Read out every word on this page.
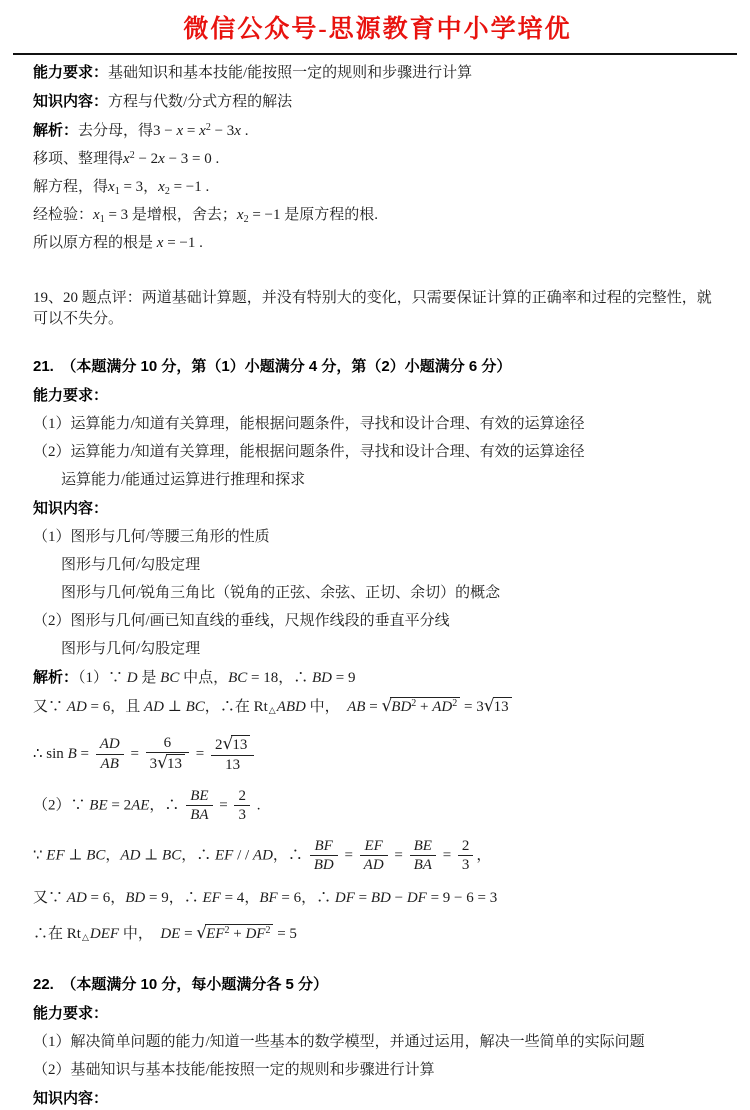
微信公众号-思源教育中小学培优
能力要求：基础知识和基本技能/能按照一定的规则和步骤进行计算
知识内容：方程与代数/分式方程的解法
解析：去分母，得$3 - x = x^2 - 3x$ .
移项、整理得$x^2 - 2x - 3 = 0$ .
解方程，得$x_1 = 3$，$x_2 = -1$ .
经检验：$x_1 = 3$ 是增根，舍去；$x_2 = -1$ 是原方程的根.
所以原方程的根是 x = −1 .
19、20 题点评：两道基础计算题，并没有特别大的变化，只需要保证计算的正确率和过程的完整性，就可以不失分。
21.　（本题满分 10 分，第（1）小题满分 4 分，第（2）小题满分 6 分）
能力要求：
（1）运算能力/知道有关算理，能根据问题条件，寻找和设计合理、有效的运算途径
（2）运算能力/知道有关算理，能根据问题条件，寻找和设计合理、有效的运算途径
运算能力/能通过运算进行推理和探求
知识内容：
（1）图形与几何/等腰三角形的性质
图形与几何/勾股定理
图形与几何/锐角三角比（锐角的正弦、余弦、正切、余切）的概念
（2）图形与几何/画已知直线的垂线，尺规作线段的垂直平分线
图形与几何/勾股定理
解析：（1）∵ D 是 BC 中点，BC = 18，∴ BD = 9
又∵ AD = 6，且 AD ⊥ BC，∴在 Rt△ABD 中，　AB = $√BD^2 + AD^2 = 3√13$
∴ $\sin B = \frac{AD}{AB} = \frac{6}{3√13} = \frac{2√13}{13}$
（2）∵ BE = 2AE，∴ $\frac{BE}{BA} = \frac{2}{3}$ .
∵ EF ⊥ BC，AD ⊥ BC，∴ EF / / AD，∴ $\frac{BF}{BD} = \frac{EF}{AD} = \frac{BE}{BA} = \frac{2}{3}$ ，
又∵ AD = 6，BD = 9，∴ EF = 4，BF = 6，∴ DF = BD − DF = 9 − 6 = 3
∴在 Rt△DEF 中，　DE = $√EF^2 + DF^2 = 5$
22.　（本题满分 10 分，每小题满分各 5 分）
能力要求：
（1）解决简单问题的能力/知道一些基本的数学模型，并通过运用，解决一些简单的实际问题
（2）基础知识与基本技能/能按照一定的规则和步骤进行计算
知识内容：
